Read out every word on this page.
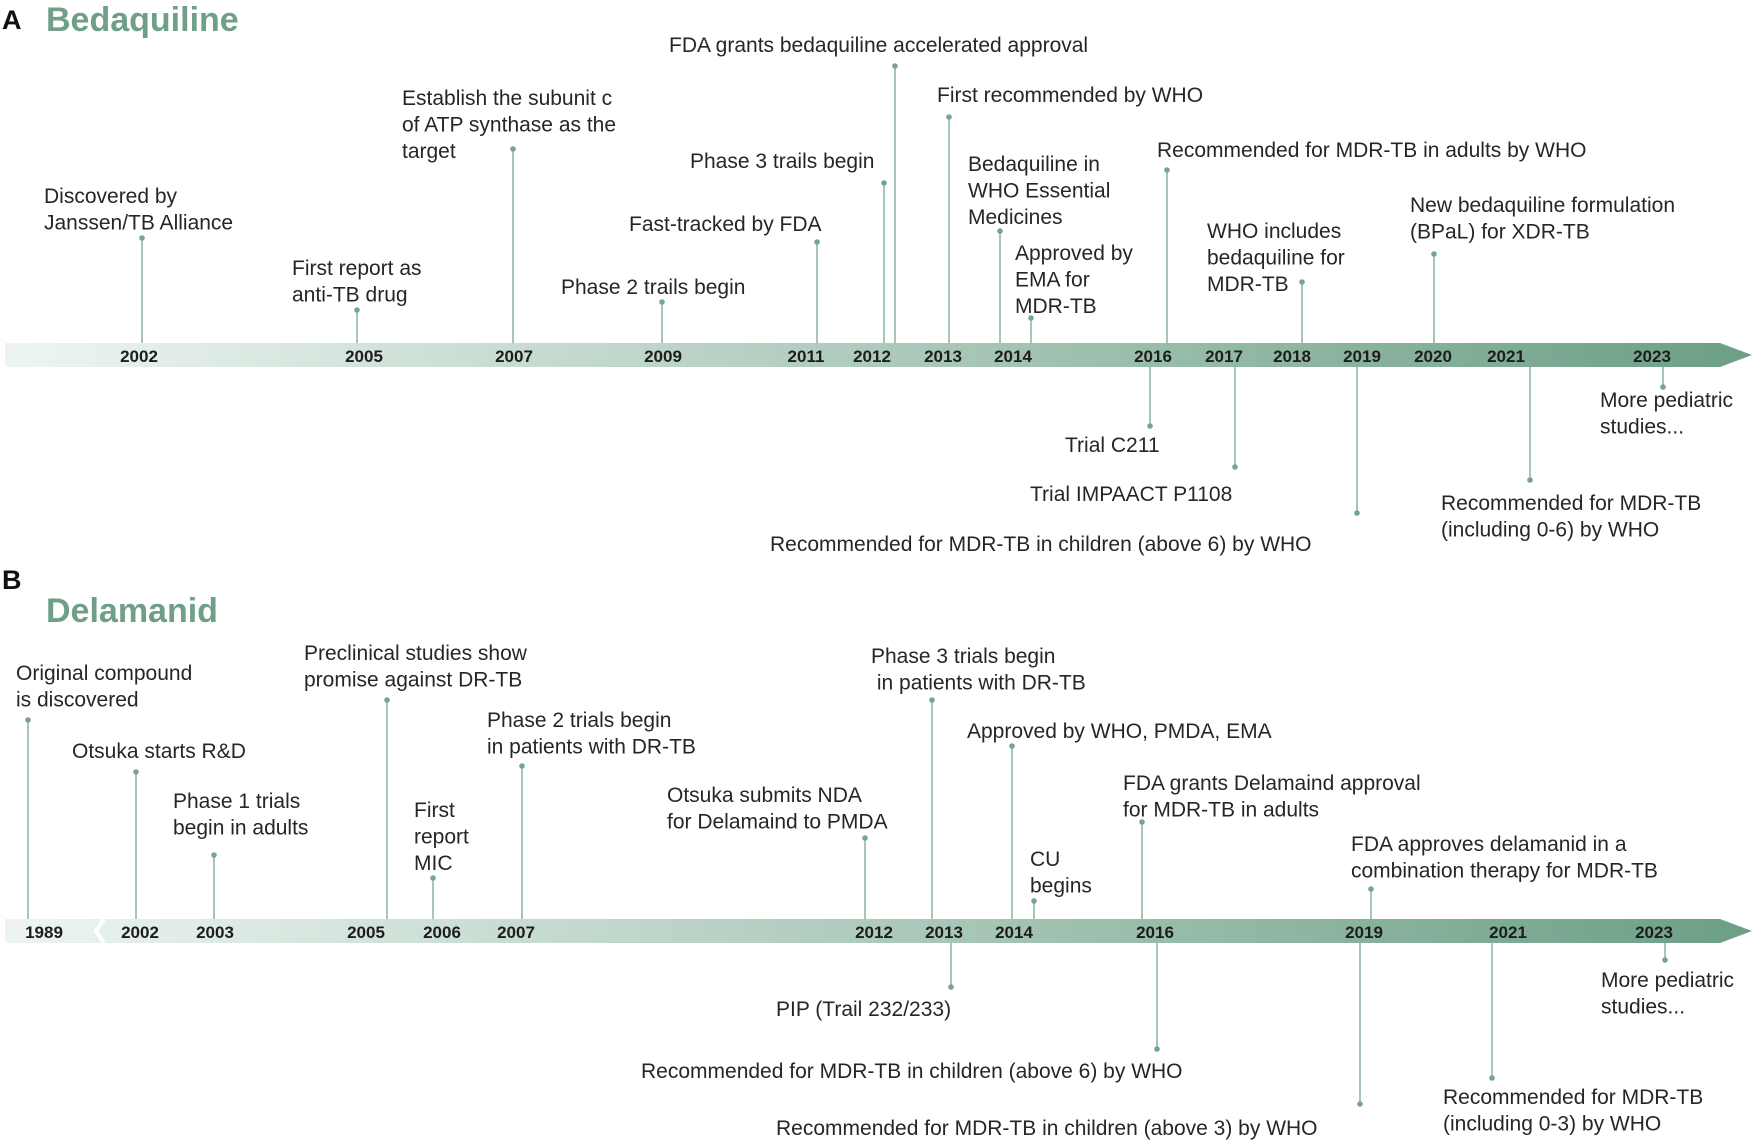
A Bedaquiline
2002	2005	2007	2009	2011 2012 2013 2014	2016 2017 2018 2019 2020 2021	2023
Discovered by Janssen/TB Alliance
First report as anti-TB drug
Establish the subunit c of ATP synthase as the target
Phase 2 trails begin
Fast-tracked by FDA
Phase 3 trails begin
FDA grants bedaquiline accelerated approval
First recommended by WHO
Bedaquiline in WHO Essential Medicines
Approved by EMA for MDR-TB
Recommended for MDR-TB in adults by WHO
WHO includes bedaquiline for MDR-TB
New bedaquiline formulation (BPaL) for XDR-TB
Trial C211
Trial IMPAACT P1108
Recommended for MDR-TB in children (above 6) by WHO
Recommended for MDR-TB (including 0-6) by WHO
More pediatric studies...
B
Delamanid
1989	2002 2003	2005 2006 2007	2012 2013 2014	2016	2019	2021	2023
Original compound is discovered
Otsuka starts R&D
Phase 1 trials begin in adults
Preclinical studies show promise against DR-TB
First report MIC
Phase 2 trials begin in patients with DR-TB
Otsuka submits NDA for Delamaind to PMDA
Phase 3 trials begin in patients with DR-TB
Approved by WHO, PMDA, EMA
CU begins
FDA grants Delamaind approval for MDR-TB in adults
FDA approves delamanid in a combination therapy for MDR-TB
PIP (Trail 232/233)
Recommended for MDR-TB in children (above 6) by WHO
Recommended for MDR-TB in children (above 3) by WHO
Recommended for MDR-TB (including 0-3) by WHO
More pediatric studies...
